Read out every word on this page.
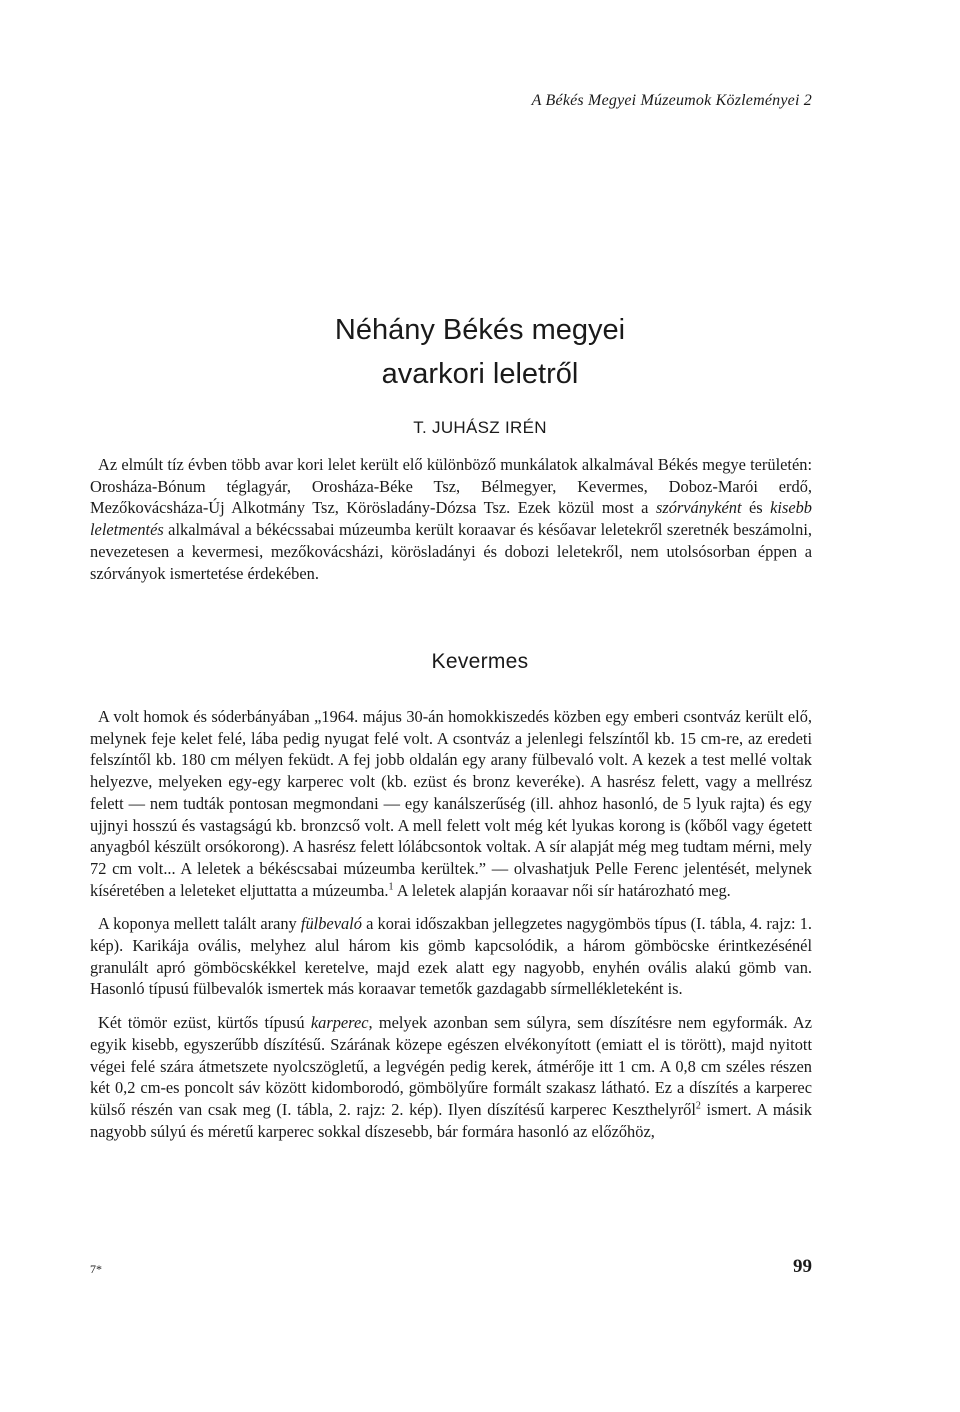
A Békés Megyei Múzeumok Közleményei 2
Néhány Békés megyei
avarkori leletről
T. JUHÁSZ IRÉN

Az elmúlt tíz évben több avar kori lelet került elő különböző munkálatok alkalmával Békés megye területén: Orosháza-Bónum téglagyár, Orosháza-Béke Tsz, Bélmegyer, Kevermes, Doboz-Marói erdő, Mezőkovácsháza-Új Alkotmány Tsz, Körösladány-Dózsa Tsz. Ezek közül most a szórványként és kisebb leletmentés alkalmával a békécssabai múzeumba került koraavar és későavar leletekről szeretnék beszámolni, nevezetesen a kevermesi, mezőkovácsházi, körösladányi és dobozi leletekről, nem utolsósorban éppen a szórványok ismertetése érdekében.

Kevermes

A volt homok és sóderbányában „1964. május 30-án homokkiszedés közben egy emberi csontváz került elő, melynek feje kelet felé, lába pedig nyugat felé volt. A csontváz a jelenlegi felszíntől kb. 15 cm-re, az eredeti felszíntől kb. 180 cm mélyen feküdt. A fej jobb oldalán egy arany fülbevaló volt. A kezek a test mellé voltak helyezve, melyeken egy-egy karperec volt (kb. ezüst és bronz keveréke). A hasrész felett, vagy a mellrész felett — nem tudták pontosan megmondani — egy kanálszerűség (ill. ahhoz hasonló, de 5 lyuk rajta) és egy ujjnyi hosszú és vastagságú kb. bronzcső volt. A mell felett volt még két lyukas korong is (kőből vagy égetett anyagból készült orsókorong). A hasrész felett lólábcsontok voltak. A sír alapját még meg tudtam mérni, mely 72 cm volt... A leletek a békéscsabai múzeumba kerültek.” — olvashatjuk Pelle Ferenc jelentését, melynek kíséretében a leleteket eljuttatta a múzeumba.$^1$ A leletek alapján koraavar női sír határozható meg.

A koponya mellett talált arany fülbevaló a korai időszakban jellegzetes nagygömbös típus (I. tábla, 4. rajz: 1. kép). Karikája ovális, melyhez alul három kis gömb kapcsolódik, a három gömböcske érintkezésénél granulált apró gömböcskékkel keretelve, majd ezek alatt egy nagyobb, enyhén ovális alakú gömb van. Hasonló típusú fülbevalók ismertek más koraavar temetők gazdagabb sírmellékleteként is.

Két tömör ezüst, kürtős típusú karperec, melyek azonban sem súlyra, sem díszítésre nem egyformák. Az egyik kisebb, egyszerűbb díszítésű. Szárának közepe egészen elvékonyított (emiatt el is törött), majd nyitott végei felé szára átmetszete nyolcszögletű, a legvégén pedig kerek, átmérője itt 1 cm. A 0,8 cm széles részen két 0,2 cm-es poncolt sáv között kidomborodó, gömbölyűre formált szakasz látható. Ez a díszítés a karperec külső részén van csak meg (I. tábla, 2. rajz: 2. kép). Ilyen díszítésű karperec Keszthelyről$^2$ ismert. A másik nagyobb súlyú és méretű karperec sokkal díszesebb, bár formára hasonló az előzőhöz,

7*	99
